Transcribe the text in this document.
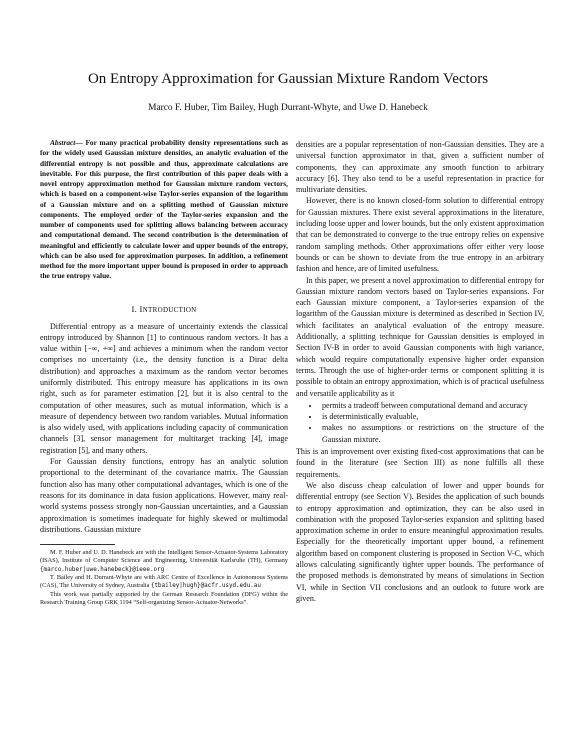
On Entropy Approximation for Gaussian Mixture Random Vectors
Marco F. Huber, Tim Bailey, Hugh Durrant-Whyte, and Uwe D. Hanebeck

Abstract— For many practical probability density representations such as for the widely used Gaussian mixture densities, an analytic evaluation of the differential entropy is not possible and thus, approximate calculations are inevitable. For this purpose, the first contribution of this paper deals with a novel entropy approximation method for Gaussian mixture random vectors, which is based on a component-wise Taylor-series expansion of the logarithm of a Gaussian mixture and on a splitting method of Gaussian mixture components. The employed order of the Taylor-series expansion and the number of components used for splitting allows balancing between accuracy and computational demand. The second contribution is the determination of meaningful and efficiently to calculate lower and upper bounds of the entropy, which can be also used for approximation purposes. In addition, a refinement method for the more important upper bound is proposed in order to approach the true entropy value.

I. INTRODUCTION

Differential entropy as a measure of uncertainty extends the classical entropy introduced by Shannon [1] to continuous random vectors. It has a value within [−∞, +∞] and achieves a minimum when the random vector comprises no uncertainty (i.e., the density function is a Dirac delta distribution) and approaches a maximum as the random vector becomes uniformly distributed. This entropy measure has applications in its own right, such as for parameter estimation [2], but it is also central to the computation of other measures, such as mutual information, which is a measure of dependency between two random variables. Mutual information is also widely used, with applications including capacity of communication channels [3], sensor management for multitarget tracking [4], image registration [5], and many others.

For Gaussian density functions, entropy has an analytic solution proportional to the determinant of the covariance matrix. The Gaussian function also has many other computational advantages, which is one of the reasons for its dominance in data fusion applications. However, many real-world systems possess strongly non-Gaussian uncertainties, and a Gaussian approximation is sometimes inadequate for highly skewed or multimodal distributions. Gaussian mixture

M. F. Huber and U. D. Hanebeck are with the Intelligent Sensor-Actuator-Systems Laboratory (ISAS), Institute of Computer Science and Engineering, Universität Karlsruhe (TH), Germany {marco.huber|uwe.hanebeck}@ieee.org

T. Bailey and H. Durrant-Whyte are with ARC Centre of Excellence in Autonomous Systems (CAS), The University of Sydney, Australia {tbailey|hugh}@acfr.usyd.edu.au

This work was partially supported by the German Research Foundation (DFG) within the Research Training Group GRK 1194 “Self-organizing Sensor-Actuator-Networks”.

densities are a popular representation of non-Gaussian densities. They are a universal function approximator in that, given a sufficient number of components, they can approximate any smooth function to arbitrary accuracy [6]. They also tend to be a useful representation in practice for multivariate densities.

However, there is no known closed-form solution to differential entropy for Gaussian mixtures. There exist several approximations in the literature, including loose upper and lower bounds, but the only existent approximation that can be demonstrated to converge to the true entropy relies on expensive random sampling methods. Other approximations offer either very loose bounds or can be shown to deviate from the true entropy in an arbitrary fashion and hence, are of limited usefulness.

In this paper, we present a novel approximation to differential entropy for Gaussian mixture random vectors based on Taylor-series expansions. For each Gaussian mixture component, a Taylor-series expansion of the logarithm of the Gaussian mixture is determined as described in Section IV, which facilitates an analytical evaluation of the entropy measure. Additionally, a splitting technique for Gaussian densities is employed in Section IV-B in order to avoid Gaussian components with high variance, which would require computationally expensive higher order expansion terms. Through the use of higher-order terms or component splitting it is possible to obtain an entropy approximation, which is of practical usefulness and versatile applicability as it

• permits a tradeoff between computational demand and accuracy
• is deterministically evaluable,
• makes no assumptions or restrictions on the structure of the Gaussian mixture.

This is an improvement over existing fixed-cost approximations that can be found in the literature (see Section III) as none fulfills all these requirements.

We also discuss cheap calculation of lower and upper bounds for differential entropy (see Section V). Besides the application of such bounds to entropy approximation and optimization, they can be also used in combination with the proposed Taylor-series expansion and splitting based approximation scheme in order to ensure meaningful approximation results. Especially for the theoretically important upper bound, a refinement algorithm based on component clustering is proposed in Section V-C, which allows calculating significantly tighter upper bounds. The performance of the proposed methods is demonstrated by means of simulations in Section VI, while in Section VII conclusions and an outlook to future work are given.
